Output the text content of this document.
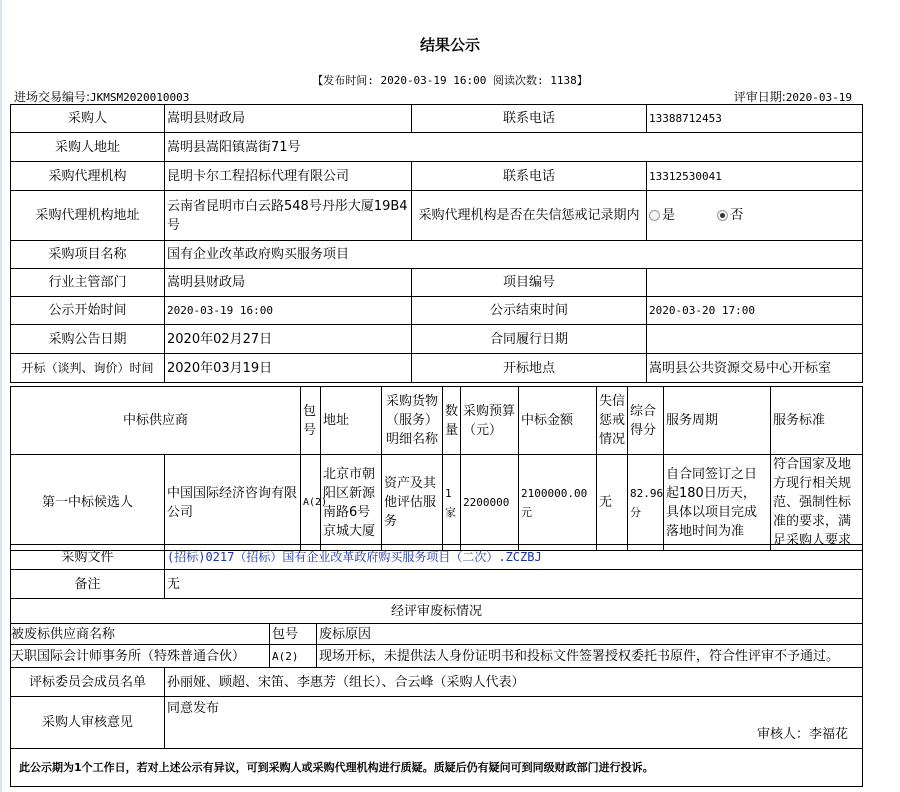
结果公示
【发布时间: 2020-03-19 16:00 阅读次数: 1138】
进场交易编号:JKMSM2020010003	评审日期:2020-03-19
采购人	嵩明县财政局	联系电话	13388712453
采购人地址	嵩明县嵩阳镇嵩街71号		
采购代理机构	昆明卡尔工程招标代理有限公司	联系电话	13312530041
采购代理机构地址	云南省昆明市白云路548号丹彤大厦19B4号	采购代理机构是否在失信惩戒记录期内	是 否
采购项目名称	国有企业改革政府购买服务项目		
行业主管部门	嵩明县财政局	项目编号	
公示开始时间	2020-03-19 16:00	公示结束时间	2020-03-20 17:00
采购公告日期	2020年02月27日	合同履行日期	
开标（谈判、询价）时间	2020年03月19日	开标地点	嵩明县公共资源交易中心开标室
中标供应商		包号	地址	采购货物（服务）明细名称	数量	采购预算（元）	中标金额	失信惩戒情况	综合得分	服务周期	服务标准
第一中标候选人	中国国际经济咨询有限公司	A(2)	北京市朝阳区新源南路6号京城大厦	资产及其他评估服务	1家	2200000	2100000.00元	无	82.96分	自合同签订之日起180日历天，具体以项目完成落地时间为准	符合国家及地方现行相关规范、强制性标准的要求，满足采购人要求
采购文件	(招标)0217（招标）国有企业改革政府购买服务项目（二次）.ZCZBJ
备注	无
经评审废标情况	
被废标供应商名称	包号	废标原因
天职国际会计师事务所（特殊普通合伙）	A(2)	现场开标，未提供法人身份证明书和投标文件签署授权委托书原件，符合性评审不予通过。
评标委员会成员名单	孙丽娅、顾超、宋笛、李惠芳（组长）、合云峰（采购人代表）
采购人审核意见	同意发布
审核人：李福花

此公示期为1个工作日，若对上述公示有异议，可到采购人或采购代理机构进行质疑。质疑后仍有疑问可到同级财政部门进行投诉。	
